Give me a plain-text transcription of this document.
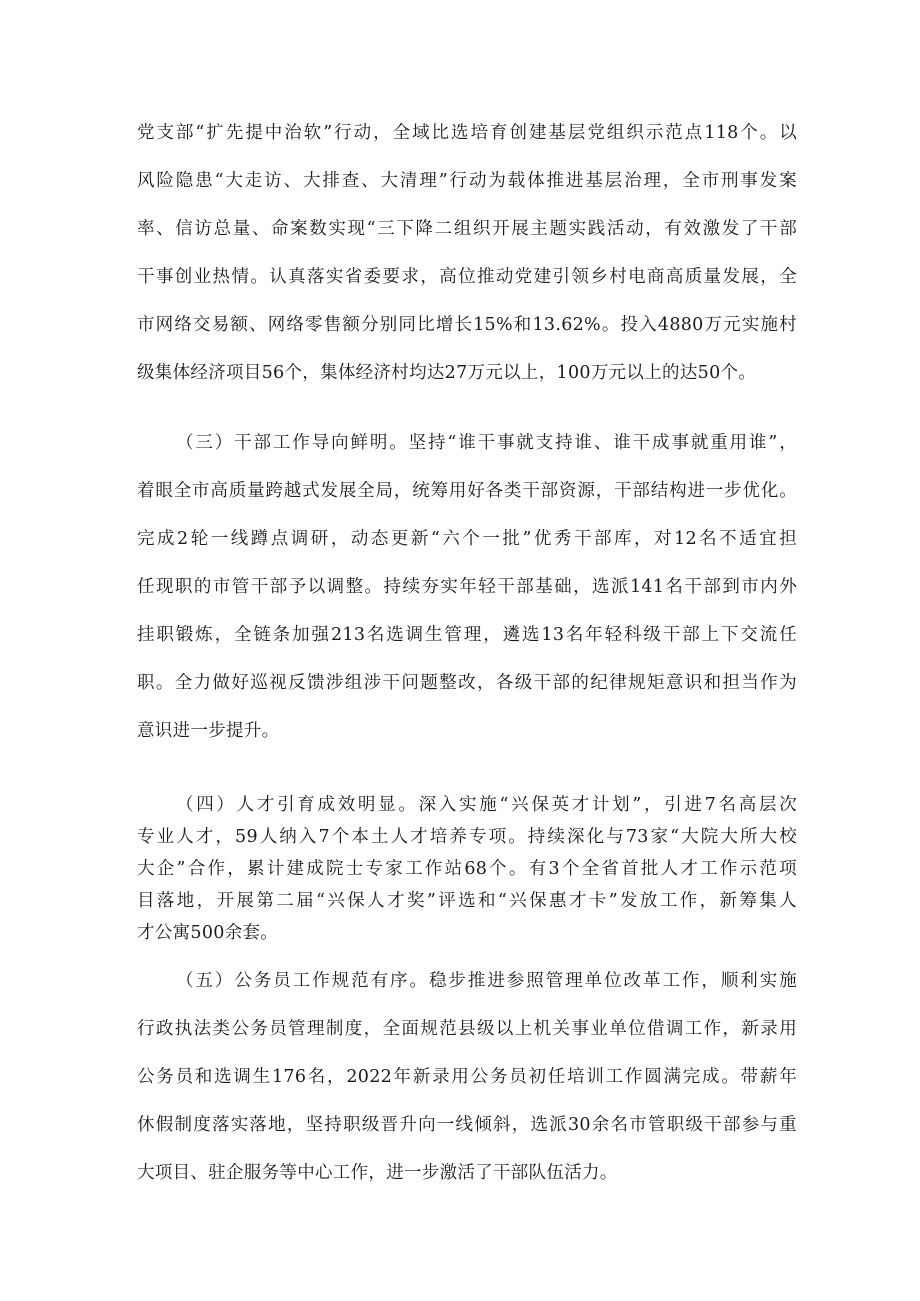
党支部“扩先提中治软”行动，全域比选培育创建基层党组织示范点118个。以
风险隐患“大走访、大排查、大清理”行动为载体推进基层治理，全市刑事发案
率、信访总量、命案数实现“三下降二组织开展主题实践活动，有效激发了干部
干事创业热情。认真落实省委要求，高位推动党建引领乡村电商高质量发展，全
市网络交易额、网络零售额分别同比增长15%和13.62%。投入4880万元实施村
级集体经济项目56个，集体经济村均达27万元以上，100万元以上的达50个。
（三）干部工作导向鲜明。坚持“谁干事就支持谁、谁干成事就重用谁”，
着眼全市高质量跨越式发展全局，统筹用好各类干部资源，干部结构进一步优化。
完成2轮一线蹲点调研，动态更新“六个一批”优秀干部库，对12名不适宜担
任现职的市管干部予以调整。持续夯实年轻干部基础，选派141名干部到市内外
挂职锻炼，全链条加强213名选调生管理，遴选13名年轻科级干部上下交流任
职。全力做好巡视反馈涉组涉干问题整改，各级干部的纪律规矩意识和担当作为
意识进一步提升。
（四）人才引育成效明显。深入实施“兴保英才计划”，引进7名高层次
专业人才，59人纳入7个本土人才培养专项。持续深化与73家“大院大所大校
大企”合作，累计建成院士专家工作站68个。有3个全省首批人才工作示范项
目落地，开展第二届“兴保人才奖”评选和“兴保惠才卡”发放工作，新筹集人
才公寓500余套。
（五）公务员工作规范有序。稳步推进参照管理单位改革工作，顺利实施
行政执法类公务员管理制度，全面规范县级以上机关事业单位借调工作，新录用
公务员和选调生176名，2022年新录用公务员初任培训工作圆满完成。带薪年
休假制度落实落地，坚持职级晋升向一线倾斜，选派30余名市管职级干部参与重
大项目、驻企服务等中心工作，进一步激活了干部队伍活力。
